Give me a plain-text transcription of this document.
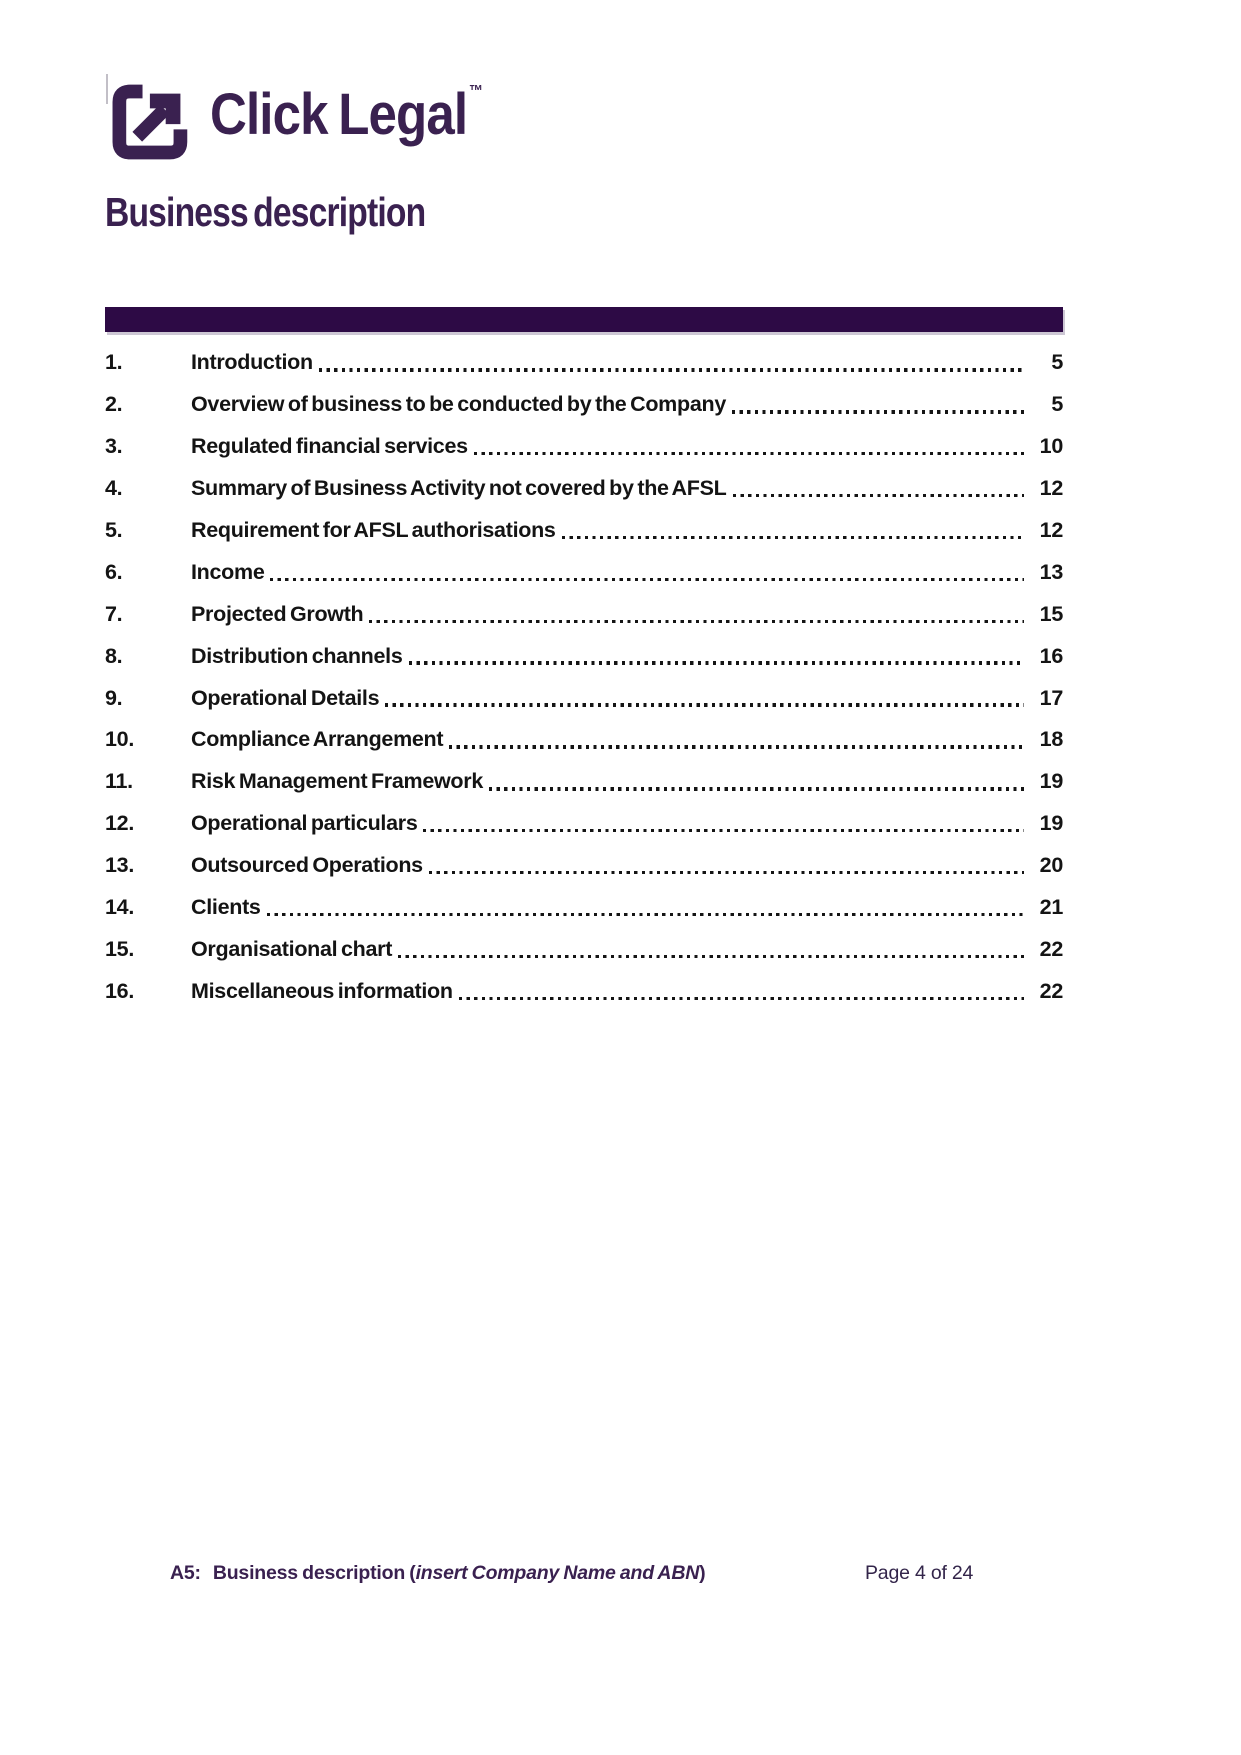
Click Legal ™
Business description
1.	Introduction	5
2.	Overview of business to be conducted by the Company	5
3.	Regulated financial services	10
4.	Summary of Business Activity not covered by the AFSL	12
5.	Requirement for AFSL authorisations	12
6.	Income	13
7.	Projected Growth	15
8.	Distribution channels	16
9.	Operational Details	17
10.	Compliance Arrangement	18
11.	Risk Management Framework	19
12.	Operational particulars	19
13.	Outsourced Operations	20
14.	Clients	21
15.	Organisational chart	22
16.	Miscellaneous information	22
A5: Business description (insert Company Name and ABN)	Page 4 of 24
